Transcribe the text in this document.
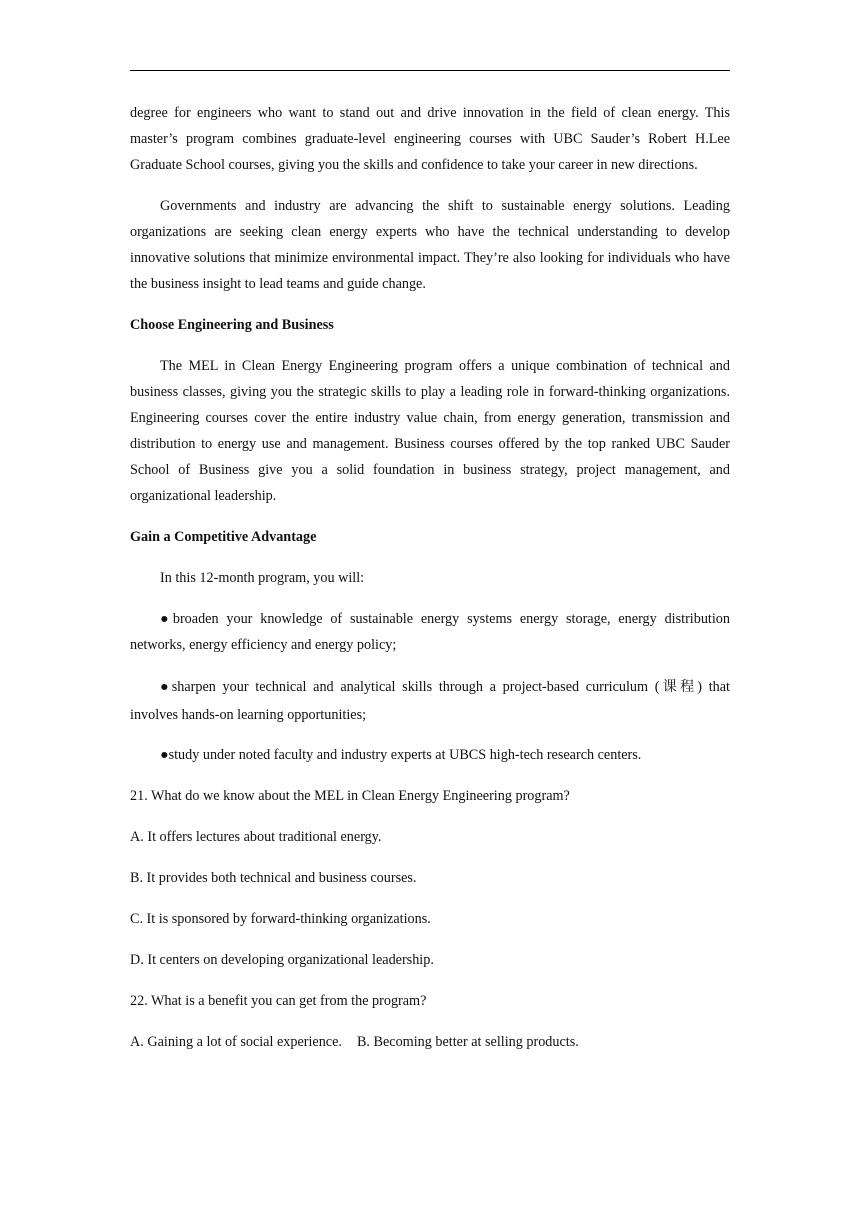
degree for engineers who want to stand out and drive innovation in the field of clean energy. This master’s program combines graduate-level engineering courses with UBC Sauder’s Robert H.Lee Graduate School courses, giving you the skills and confidence to take your career in new directions.

Governments and industry are advancing the shift to sustainable energy solutions. Leading organizations are seeking clean energy experts who have the technical understanding to develop innovative solutions that minimize environmental impact. They’re also looking for individuals who have the business insight to lead teams and guide change.

Choose Engineering and Business

The MEL in Clean Energy Engineering program offers a unique combination of technical and business classes, giving you the strategic skills to play a leading role in forward-thinking organizations. Engineering courses cover the entire industry value chain, from energy generation, transmission and distribution to energy use and management. Business courses offered by the top ranked UBC Sauder School of Business give you a solid foundation in business strategy, project management, and organizational leadership.

Gain a Competitive Advantage

In this 12-month program, you will:

●broaden your knowledge of sustainable energy systems energy storage, energy distribution networks, energy efficiency and energy policy;

●sharpen your technical and analytical skills through a project-based curriculum (课程) that involves hands-on learning opportunities;

●study under noted faculty and industry experts at UBCS high-tech research centers.

21. What do we know about the MEL in Clean Energy Engineering program?

A. It offers lectures about traditional energy.

B. It provides both technical and business courses.

C. It is sponsored by forward-thinking organizations.

D. It centers on developing organizational leadership.

22. What is a benefit you can get from the program?

A. Gaining a lot of social experience. B. Becoming better at selling products.
